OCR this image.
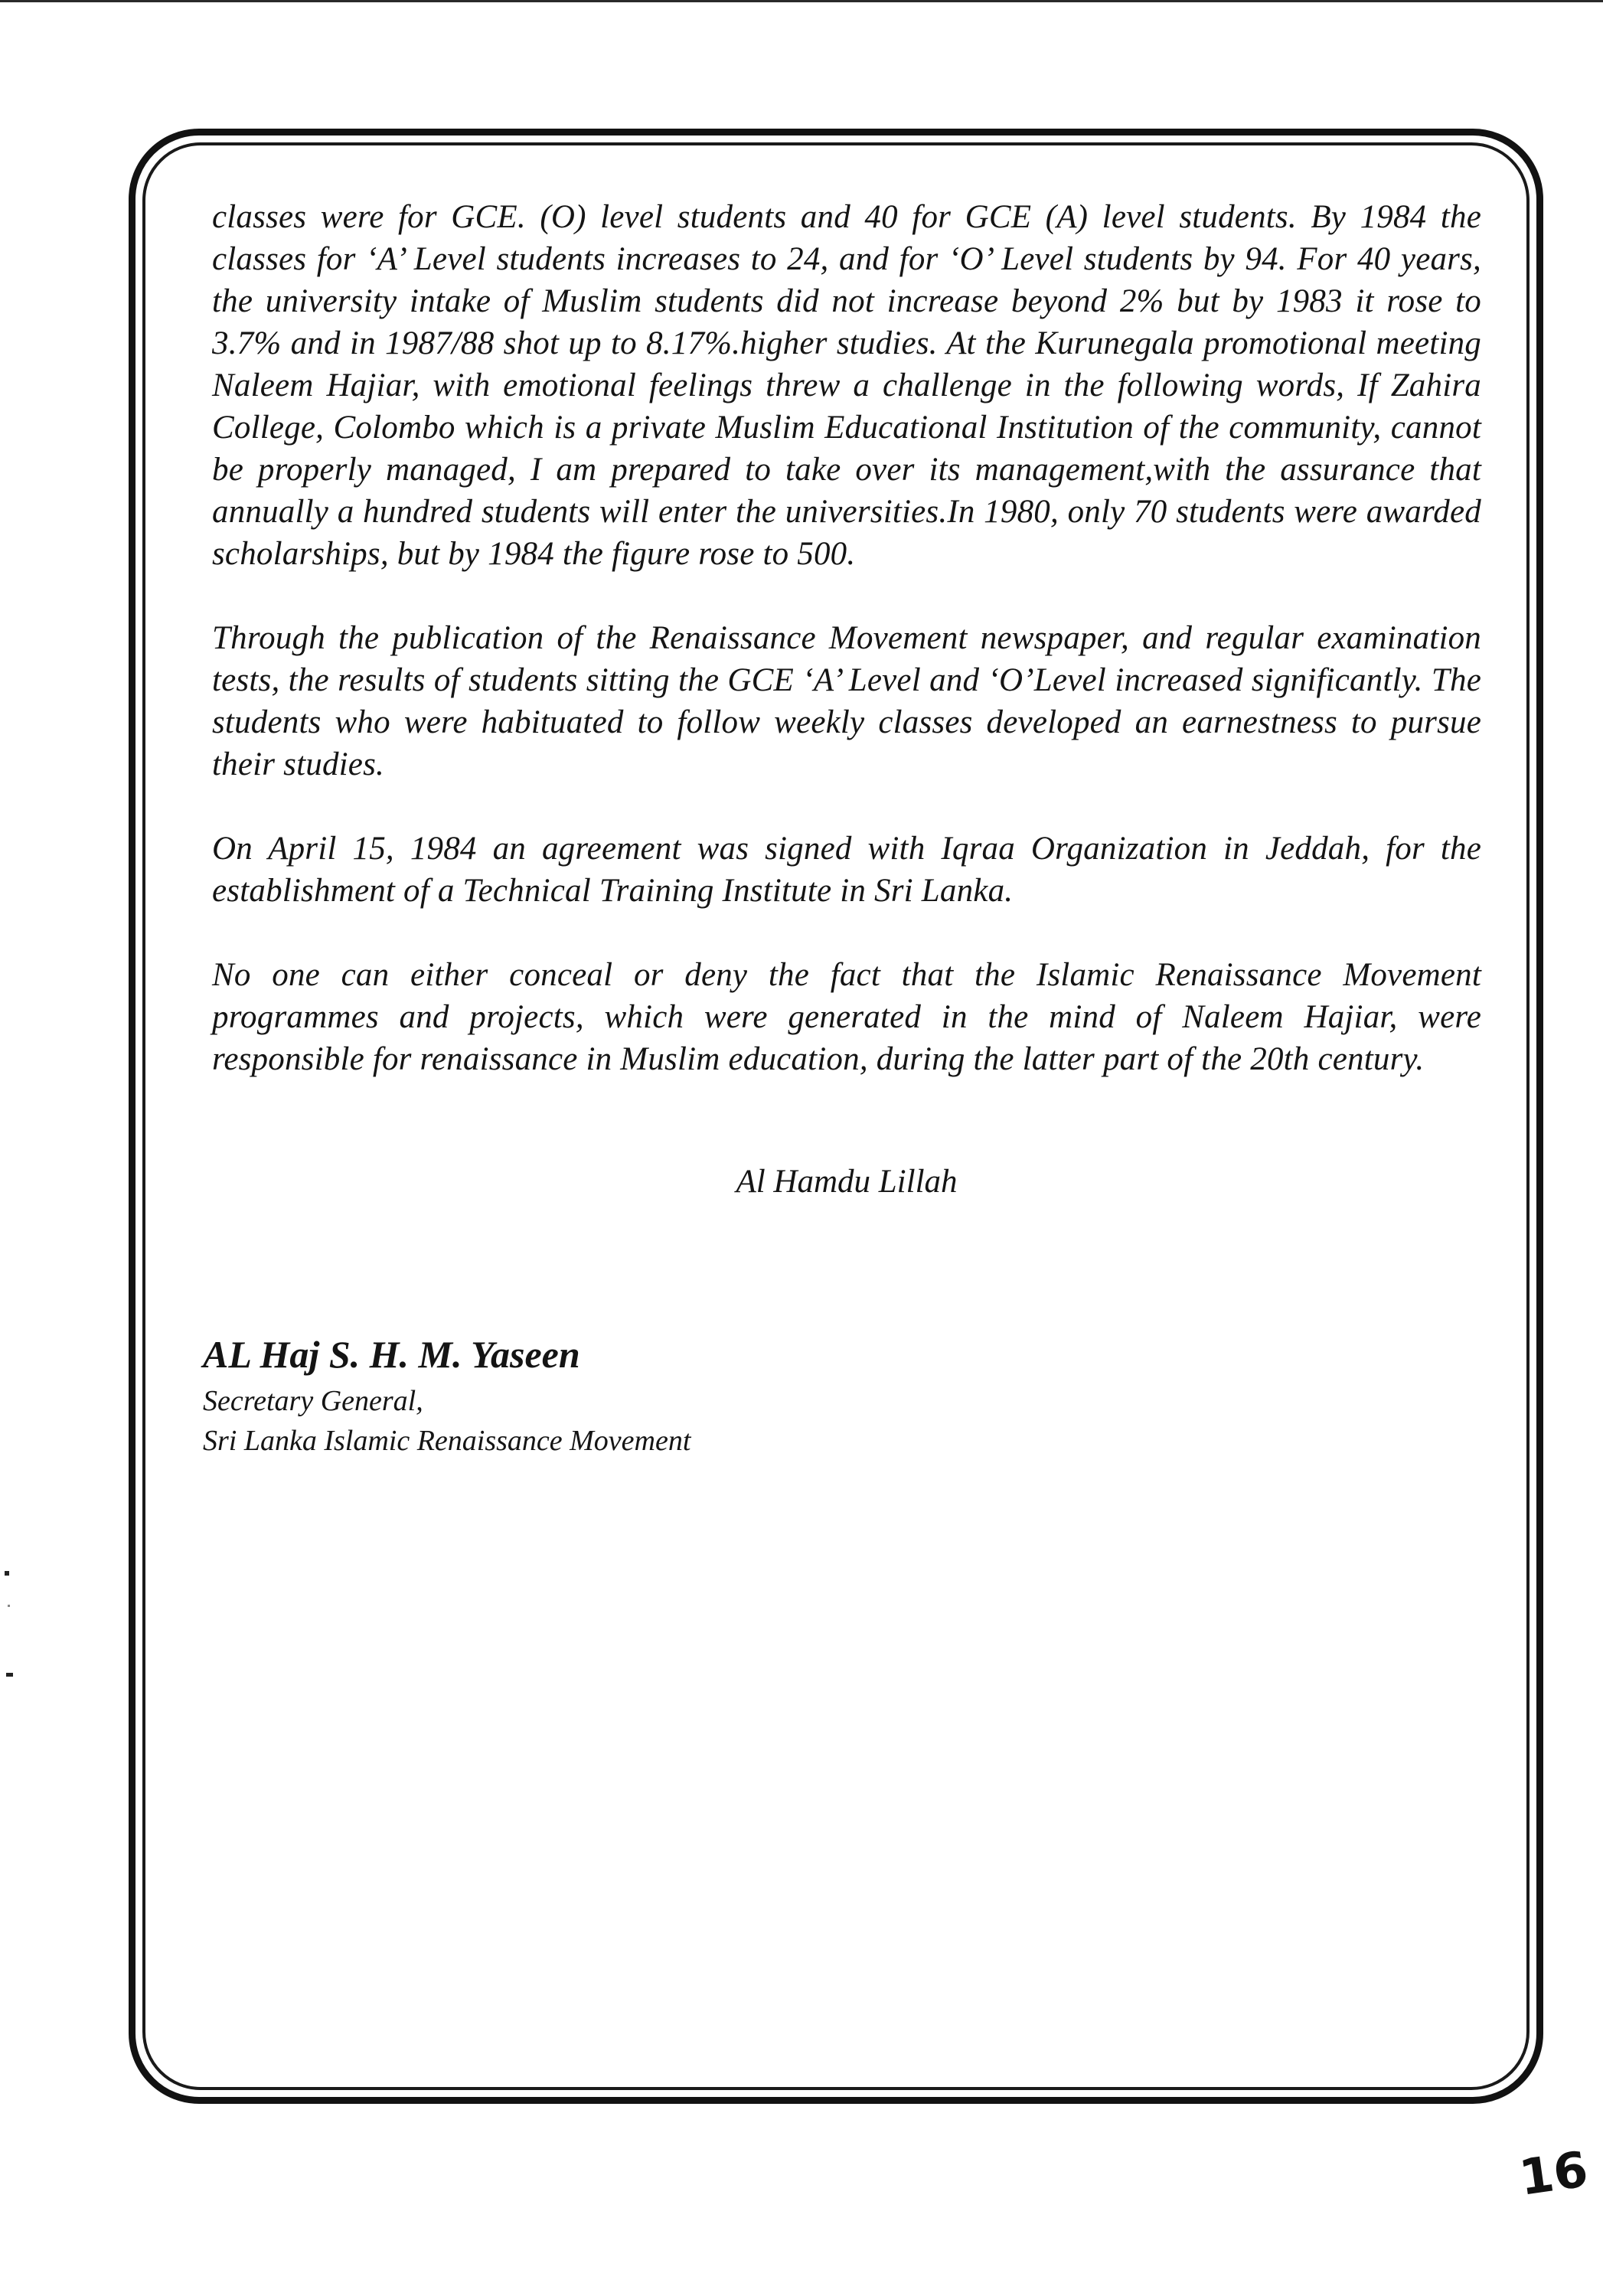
classes were for GCE. (O) level students and 40 for GCE (A) level students. By 1984 the classes for ‘A’ Level students increases to 24, and for ‘O’ Level students by 94. For 40 years, the university intake of Muslim students did not increase beyond 2% but by 1983 it rose to 3.7% and in 1987/88 shot up to 8.17%.higher studies. At the Kurunegala promotional meeting Naleem Hajiar, with emotional feelings threw a challenge in the following words, If Zahira College, Colombo which is a private Muslim Educational Institution of the community, cannot be properly managed, I am prepared to take over its management,with the assurance that annually a hundred students will enter the universities.In 1980, only 70 students were awarded scholarships, but by 1984 the figure rose to 500.

Through the publication of the Renaissance Movement newspaper, and regular examination tests, the results of students sitting the GCE ‘A’ Level and ‘O’Level increased significantly. The students who were habituated to follow weekly classes developed an earnestness to pursue their studies.

On April 15, 1984 an agreement was signed with Iqraa Organization in Jeddah, for the establishment of a Technical Training Institute in Sri Lanka.

No one can either conceal or deny the fact that the Islamic Renaissance Movement programmes and projects, which were generated in the mind of Naleem Hajiar, were responsible for renaissance in Muslim education, during the latter part of the 20th century.

Al Hamdu Lillah

AL Haj S. H. M. Yaseen

Secretary General,

Sri Lanka Islamic Renaissance Movement

16
